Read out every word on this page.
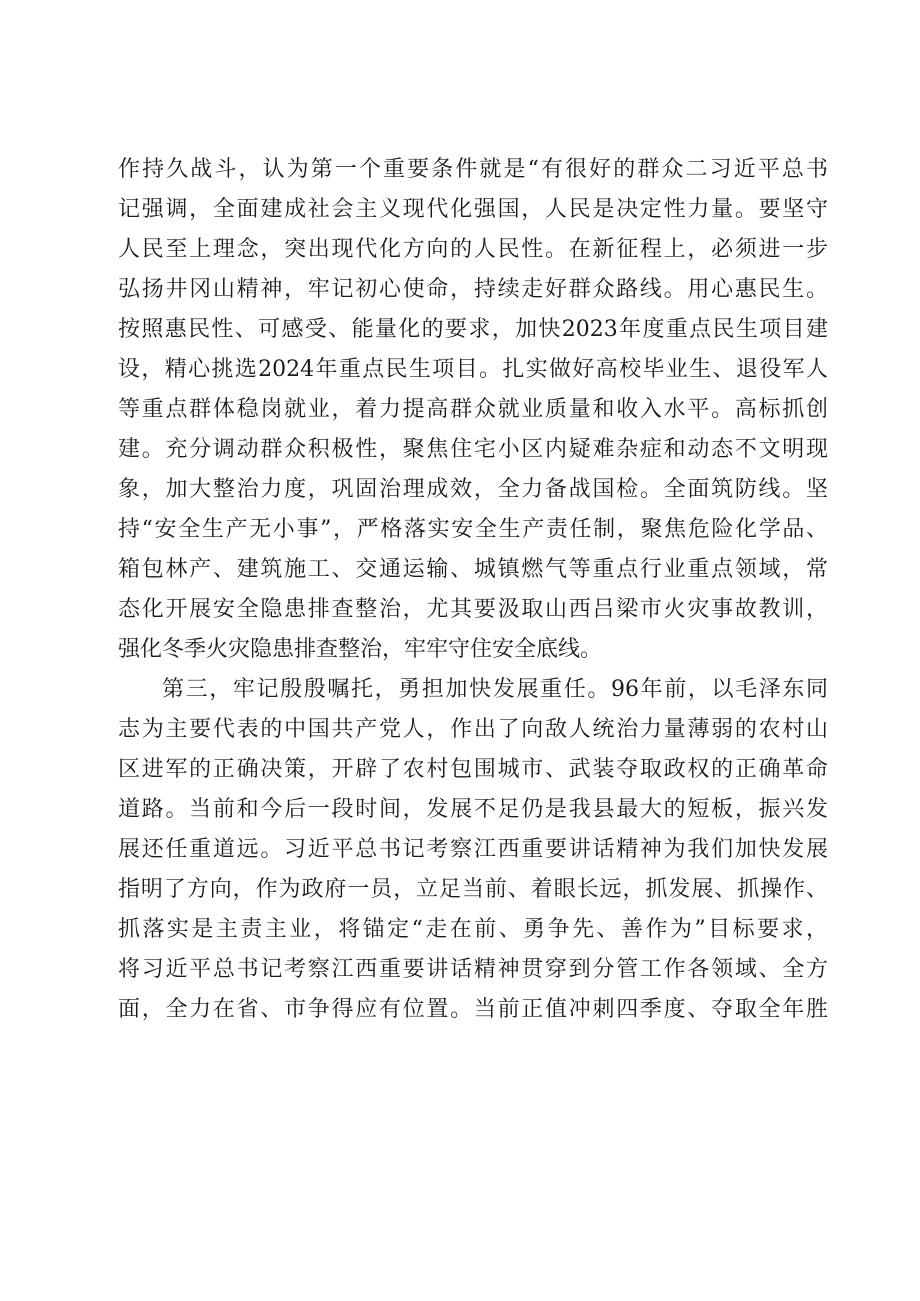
作持久战斗，认为第一个重要条件就是“有很好的群众二习近平总书
记强调，全面建成社会主义现代化强国，人民是决定性力量。要坚守
人民至上理念，突出现代化方向的人民性。在新征程上，必须进一步
弘扬井冈山精神，牢记初心使命，持续走好群众路线。用心惠民生。
按照惠民性、可感受、能量化的要求，加快2023年度重点民生项目建
设，精心挑选2024年重点民生项目。扎实做好高校毕业生、退役军人
等重点群体稳岗就业，着力提高群众就业质量和收入水平。高标抓创
建。充分调动群众积极性，聚焦住宅小区内疑难杂症和动态不文明现
象，加大整治力度，巩固治理成效，全力备战国检。全面筑防线。坚
持“安全生产无小事”，严格落实安全生产责任制，聚焦危险化学品、
箱包林产、建筑施工、交通运输、城镇燃气等重点行业重点领域，常
态化开展安全隐患排查整治，尤其要汲取山西吕梁市火灾事故教训，
强化冬季火灾隐患排查整治，牢牢守住安全底线。
第三，牢记殷殷嘱托，勇担加快发展重任。96年前，以毛泽东同
志为主要代表的中国共产党人，作出了向敌人统治力量薄弱的农村山
区进军的正确决策，开辟了农村包围城市、武装夺取政权的正确革命
道路。当前和今后一段时间，发展不足仍是我县最大的短板，振兴发
展还任重道远。习近平总书记考察江西重要讲话精神为我们加快发展
指明了方向，作为政府一员，立足当前、着眼长远，抓发展、抓操作、
抓落实是主责主业，将锚定“走在前、勇争先、善作为”目标要求，
将习近平总书记考察江西重要讲话精神贯穿到分管工作各领域、全方
面，全力在省、市争得应有位置。当前正值冲刺四季度、夺取全年胜
